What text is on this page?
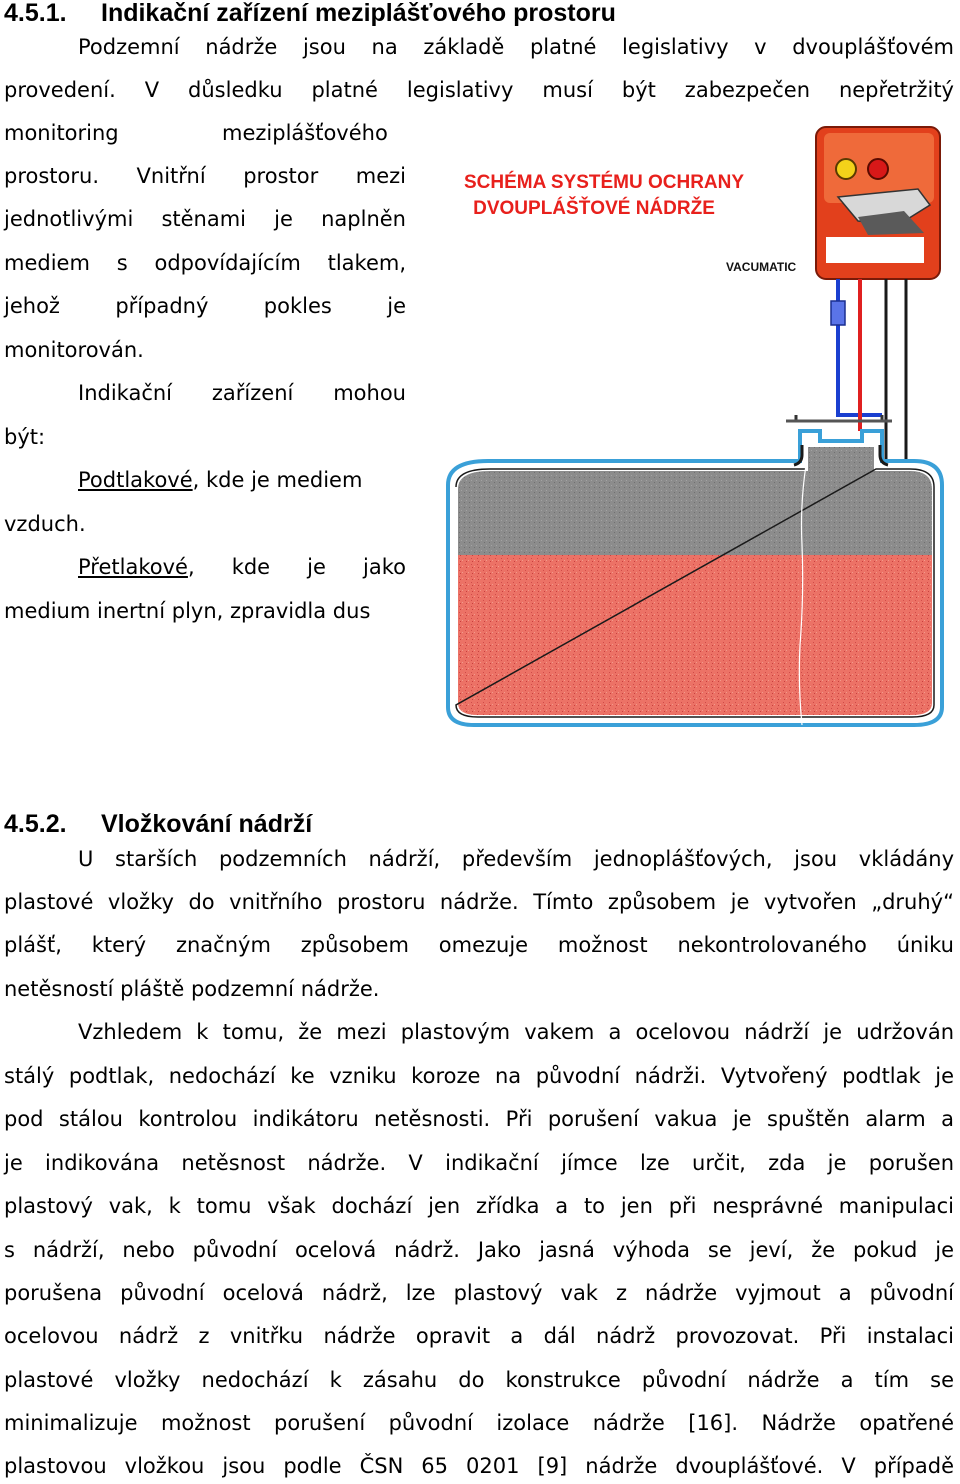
4.5.1. Indikační zařízení meziplášťového prostoru
Podzemní nádrže jsou na základě platné legislativy v dvouplášťovém
provedení. V důsledku platné legislativy musí být zabezpečen nepřetržitý
monitoring	meziplášťového
prostoru. Vnitřní prostor mezi
jednotlivými stěnami je naplněn
mediem s odpovídajícím tlakem,
jehož případný pokles je
monitorován.
Indikační zařízení mohou
být:
Podtlakové, kde je mediem
vzduch.
Přetlakové, kde je jako
medium inertní plyn, zpravidla dus
SCHÉMA SYSTÉMU OCHRANY
DVOUPLÁŠŤOVÉ NÁDRŽE
VACUMATIC
4.5.2. Vložkování nádrží
U starších podzemních nádrží, především jednoplášťových, jsou vkládány
plastové vložky do vnitřního prostoru nádrže. Tímto způsobem je vytvořen „druhý“
plášť, který značným způsobem omezuje možnost nekontrolovaného úniku
netěsností pláště podzemní nádrže.
Vzhledem k tomu, že mezi plastovým vakem a ocelovou nádrží je udržován
stálý podtlak, nedochází ke vzniku koroze na původní nádrži. Vytvořený podtlak je
pod stálou kontrolou indikátoru netěsnosti. Při porušení vakua je spuštěn alarm a
je indikována netěsnost nádrže. V indikační jímce lze určit, zda je porušen
plastový vak, k tomu však dochází jen zřídka a to jen při nesprávné manipulaci
s nádrží, nebo původní ocelová nádrž. Jako jasná výhoda se jeví, že pokud je
porušena původní ocelová nádrž, lze plastový vak z nádrže vyjmout a původní
ocelovou nádrž z vnitřku nádrže opravit a dál nádrž provozovat. Při instalaci
plastové vložky nedochází k zásahu do konstrukce původní nádrže a tím se
minimalizuje možnost porušení původní izolace nádrže [16]. Nádrže opatřené
plastovou vložkou jsou podle ČSN 65 0201 [9] nádrže dvouplášťové. V případě
